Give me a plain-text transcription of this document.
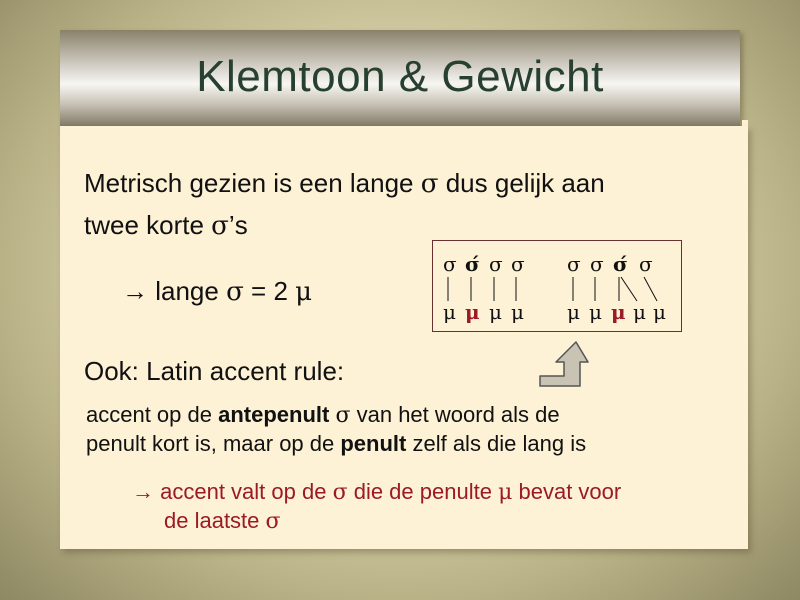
Klemtoon & Gewicht
Metrisch gezien is een lange σ dus gelijk aan
twee korte σ’s
→ lange σ = 2 μ
σ σ́ σ σ
μ μ μ μ
σ σ σ́ σ
μ μ μ μ μ
Ook: Latin accent rule:
accent op de antepenult σ van het woord als de
penult kort is, maar op de penult zelf als die lang is
→ accent valt op de σ die de penulte μ bevat voor
de laatste σ
